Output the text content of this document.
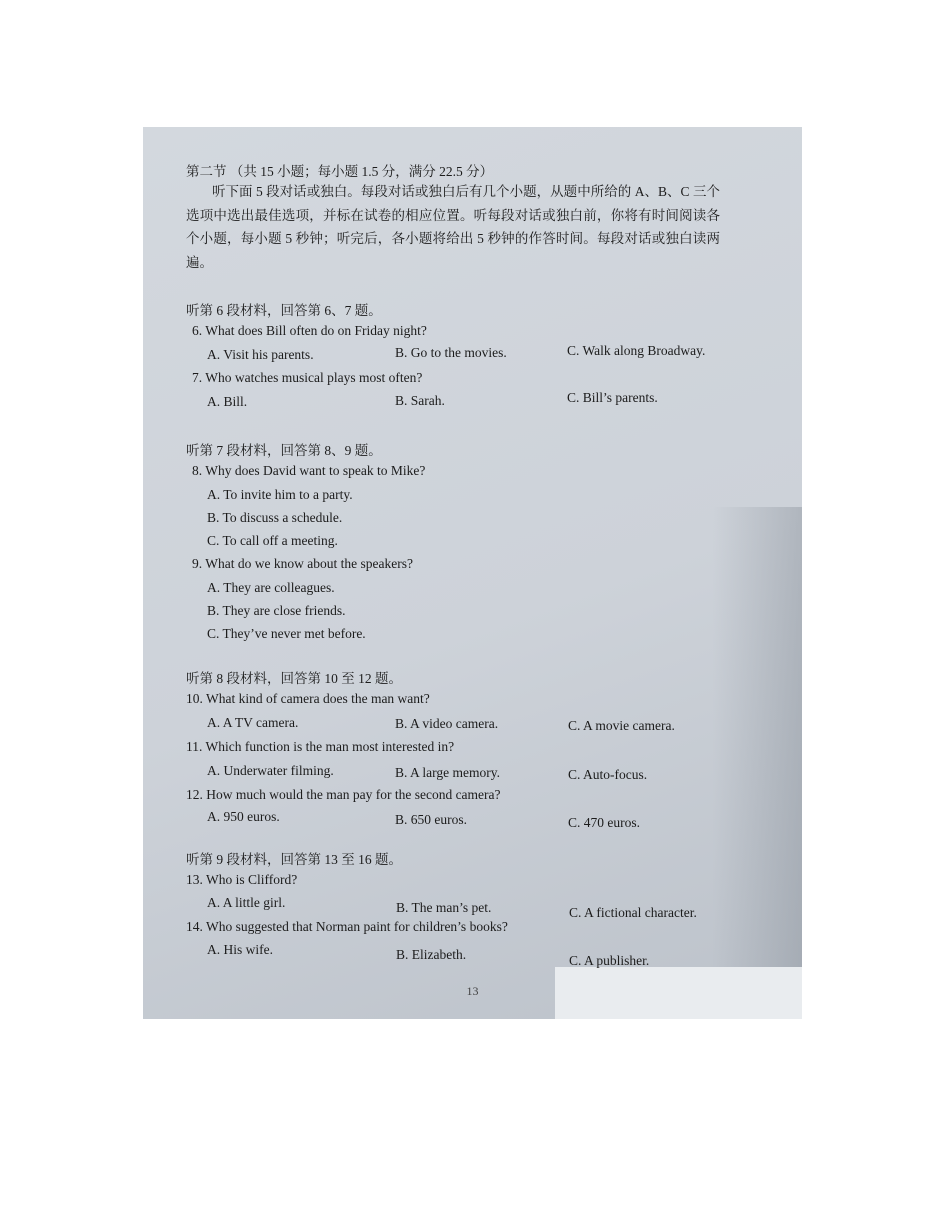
第二节 （共 15 小题；每小题 1.5 分，满分 22.5 分）
听下面 5 段对话或独白。每段对话或独白后有几个小题，从题中所给的 A、B、C 三个选项中选出最佳选项，并标在试卷的相应位置。听每段对话或独白前，你将有时间阅读各个小题，每小题 5 秒钟；听完后，各小题将给出 5 秒钟的作答时间。每段对话或独白读两遍。
听第 6 段材料，回答第 6、7 题。
6. What does Bill often do on Friday night?
A. Visit his parents.	B. Go to the movies.	C. Walk along Broadway.
7. Who watches musical plays most often?
A. Bill.	B. Sarah.	C. Bill’s parents.
听第 7 段材料，回答第 8、9 题。
8. Why does David want to speak to Mike?
A. To invite him to a party.
B. To discuss a schedule.
C. To call off a meeting.
9. What do we know about the speakers?
A. They are colleagues.
B. They are close friends.
C. They’ve never met before.
听第 8 段材料，回答第 10 至 12 题。
10. What kind of camera does the man want?
A. A TV camera.	B. A video camera.	C. A movie camera.
11. Which function is the man most interested in?
A. Underwater filming.	B. A large memory.	C. Auto-focus.
12. How much would the man pay for the second camera?
A. 950 euros.	B. 650 euros.	C. 470 euros.
听第 9 段材料，回答第 13 至 16 题。
13. Who is Clifford?
A. A little girl.	B. The man’s pet.	C. A fictional character.
14. Who suggested that Norman paint for children’s books?
A. His wife.	B. Elizabeth.	C. A publisher.
13
